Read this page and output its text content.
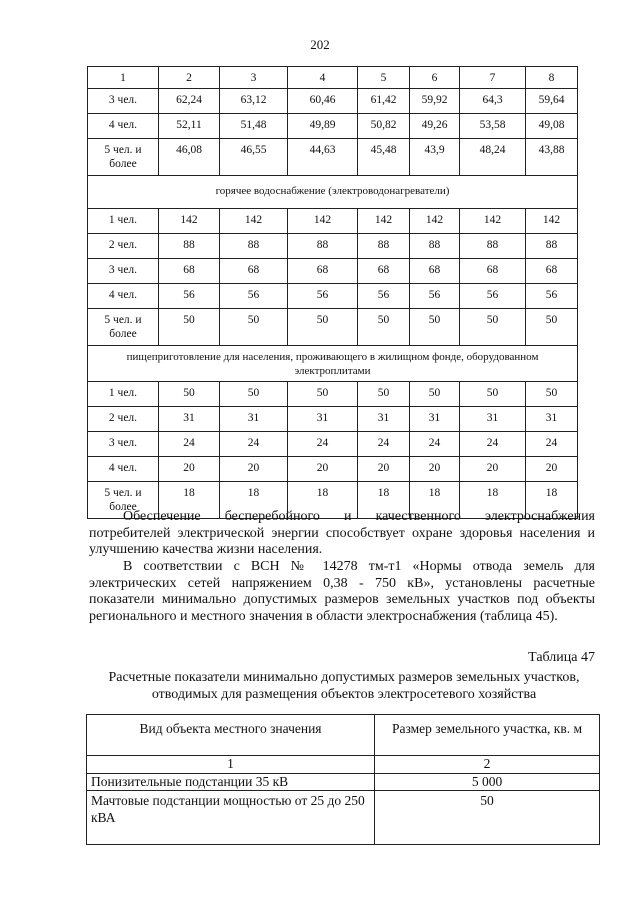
202
1	2	3	4	5	6	7	8
3 чел.	62,24	63,12	60,46	61,42	59,92	64,3	59,64
4 чел.	52,11	51,48	49,89	50,82	49,26	53,58	49,08
5 чел. и более	46,08	46,55	44,63	45,48	43,9	48,24	43,88
горячее водоснабжение (электроводонагреватели)							
1 чел.	142	142	142	142	142	142	142
2 чел.	88	88	88	88	88	88	88
3 чел.	68	68	68	68	68	68	68
4 чел.	56	56	56	56	56	56	56
5 чел. и более	50	50	50	50	50	50	50
пищеприготовление для населения, проживающего в жилищном фонде, оборудованном электроплитами							
1 чел.	50	50	50	50	50	50	50
2 чел.	31	31	31	31	31	31	31
3 чел.	24	24	24	24	24	24	24
4 чел.	20	20	20	20	20	20	20
5 чел. и более	18	18	18	18	18	18	18

Обеспечение бесперебойного и качественного электроснабжения потребителей электрической энергии способствует охране здоровья населения и улучшению качества жизни населения.

В соответствии с ВСН № 14278 тм-т1 «Нормы отвода земель для электрических сетей напряжением 0,38 - 750 кВ», установлены расчетные показатели минимально допустимых размеров земельных участков под объекты регионального и местного значения в области электроснабжения (таблица 45).

Таблица 47
Расчетные показатели минимально допустимых размеров земельных участков, отводимых для размещения объектов электросетевого хозяйства
Вид объекта местного значения	Размер земельного участка, кв. м
1	2
Понизительные подстанции 35 кВ	5 000
Мачтовые подстанции мощностью от 25 до 250 кВА	50
